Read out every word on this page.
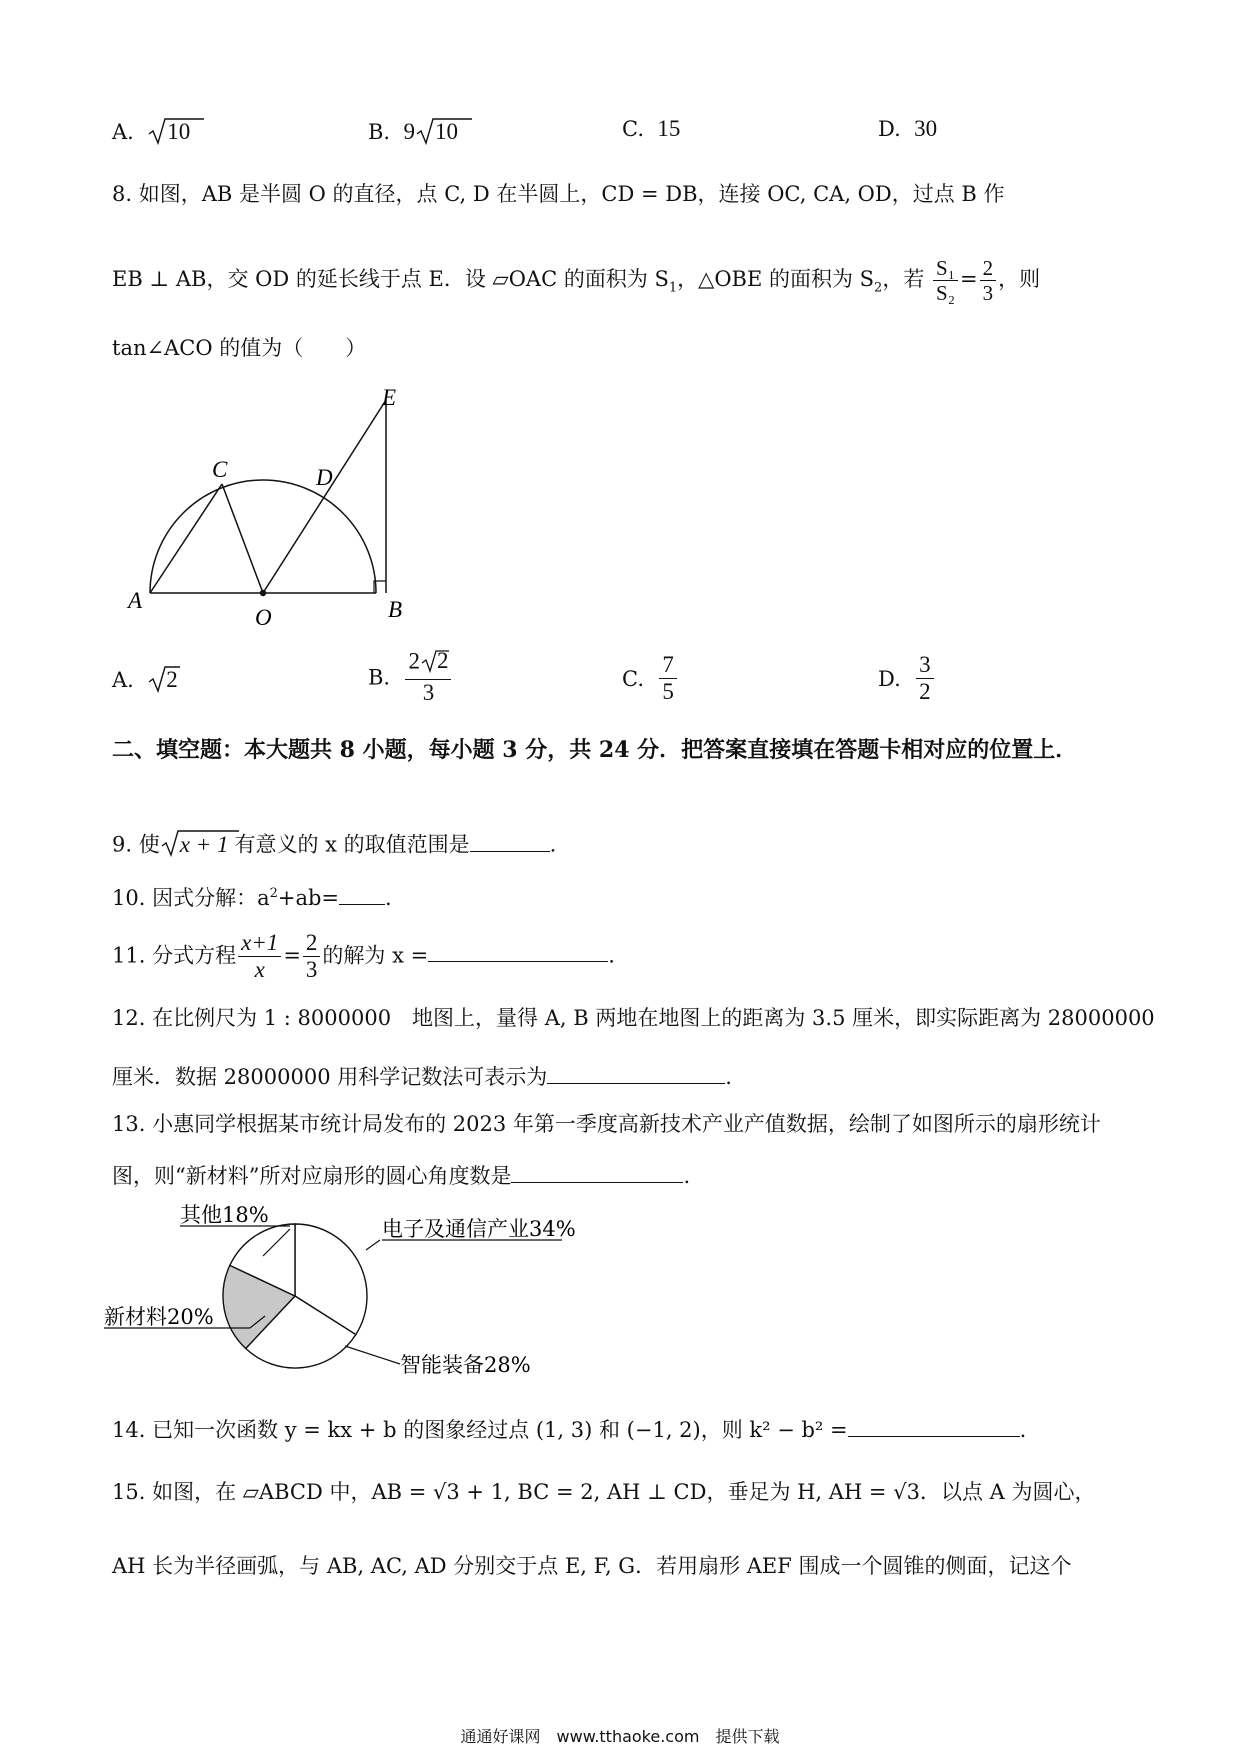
A. 10	B. 9 10	C. 15	D. 30
8. 如图，AB 是半圆 O 的直径，点 C, D 在半圆上，CD = DB，连接 OC, CA, OD，过点 B 作
EB ⊥ AB，交 OD 的延长线于点 E．设 ▱OAC 的面积为 $S_1$，△OBE 的面积为 $S_2$，若 $\frac{\text{S₁}}{\text{S₂}} = \frac{2}{3}$ ，则
tan∠ACO 的值为（　　）
A
O	B
C	D
E
A. 2	B. $\frac{2 2}{3}$	C. $\frac{7}{5}$	D. $\frac{3}{2}$
二、填空题：本大题共 8 小题，每小题 3 分，共 24 分．把答案直接填在答题卡相对应的位置上．
9. 使 x + 1 有意义的 x 的取值范围是	.
10. 因式分解：$a^2+ab=$ .
11. 分式方程 $\frac{x+1}{x} = \frac{2}{3}$ 的解为 x =	.
12. 在比例尺为 1 : 8000000　地图上，量得 A, B 两地在地图上的距离为 3.5 厘米，即实际距离为 28000000
厘米．数据 28000000 用科学记数法可表示为	.
13. 小惠同学根据某市统计局发布的 2023 年第一季度高新技术产业产值数据，绘制了如图所示的扇形统计
图，则“新材料”所对应扇形的圆心角度数是	.
其他18%
电子及通信产业34%
新材料20%
智能装备28%
14. 已知一次函数 y = kx + b 的图象经过点 (1, 3) 和 (−1, 2)，则 k² − b² =	.
15. 如图，在 ▱ABCD 中，AB = √3 + 1, BC = 2, AH ⊥ CD，垂足为 H, AH = √3．以点 A 为圆心，
AH 长为半径画弧，与 AB, AC, AD 分别交于点 E, F, G．若用扇形 AEF 围成一个圆锥的侧面，记这个
通通好课网　www.tthaoke.com　提供下载
